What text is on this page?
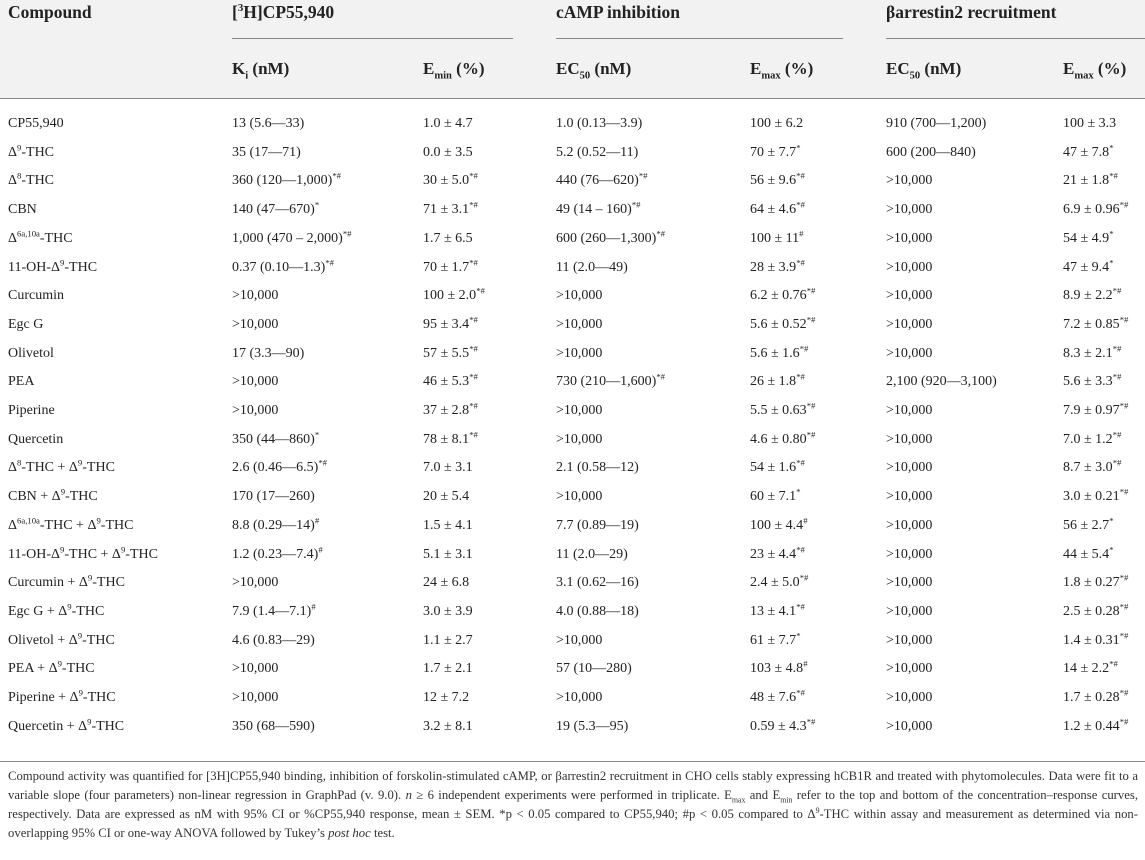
Compound	[$^3$H]CP55,940	cAMP inhibition	βarrestin2 recruitment
$K_i$ (nM)	$E_{min}$ (%)	$EC_{50}$ (nM)	$E_{max}$ (%)	$EC_{50}$ (nM)	$E_{max}$ (%)
CP55,940	13 (5.6—33)	1.0 ± 4.7	1.0 (0.13—3.9)	100 ± 6.2	910 (700—1,200)	100 ± 3.3
$\Delta^9$-THC	35 (17—71)	0.0 ± 3.5	5.2 (0.52—11)	70 ± 7.7*	600 (200—840)	47 ± 7.8*
$\Delta^8$-THC	360 (120—1,000)*#	30 ± 5.0*#	440 (76—620)*#	56 ± 9.6*#	>10,000	21 ± 1.8*#
CBN	140 (47—670)*	71 ± 3.1*#	49 (14 – 160)*#	64 ± 4.6*#	>10,000	6.9 ± 0.96*#
$\Delta^{6a,10a}$-THC	1,000 (470 – 2,000)*#	1.7 ± 6.5	600 (260—1,300)*#	100 ± 11#	>10,000	54 ± 4.9*
$11-OH-\Delta^9$-THC	0.37 (0.10—1.3)*#	70 ± 1.7*#	11 (2.0—49)	28 ± 3.9*#	>10,000	47 ± 9.4*
Curcumin	>10,000	100 ± 2.0*#	>10,000	6.2 ± 0.76*#	>10,000	8.9 ± 2.2*#
Egc G	>10,000	95 ± 3.4*#	>10,000	5.6 ± 0.52*#	>10,000	7.2 ± 0.85*#
Olivetol	17 (3.3—90)	57 ± 5.5*#	>10,000	5.6 ± 1.6*#	>10,000	8.3 ± 2.1*#
PEA	>10,000	46 ± 5.3*#	730 (210—1,600)*#	26 ± 1.8*#	2,100 (920—3,100)	5.6 ± 3.3*#
Piperine	>10,000	37 ± 2.8*#	>10,000	5.5 ± 0.63*#	>10,000	7.9 ± 0.97*#
Quercetin	350 (44—860)*	78 ± 8.1*#	>10,000	4.6 ± 0.80*#	>10,000	7.0 ± 1.2*#
$\Delta^8$-THC + $\Delta^9$-THC	2.6 (0.46—6.5)*#	7.0 ± 3.1	2.1 (0.58—12)	54 ± 1.6*#	>10,000	8.7 ± 3.0*#
CBN + $\Delta^9$-THC	170 (17—260)	20 ± 5.4	>10,000	60 ± 7.1*	>10,000	3.0 ± 0.21*#
$\Delta^{6a,10a}$-THC + $\Delta^9$-THC	8.8 (0.29—14)#	1.5 ± 4.1	7.7 (0.89—19)	100 ± 4.4#	>10,000	56 ± 2.7*
$11-OH-\Delta^9$-THC + $\Delta^9$-THC	1.2 (0.23—7.4)#	5.1 ± 3.1	11 (2.0—29)	23 ± 4.4*#	>10,000	44 ± 5.4*
Curcumin + $\Delta^9$-THC	>10,000	24 ± 6.8	3.1 (0.62—16)	2.4 ± 5.0*#	>10,000	1.8 ± 0.27*#
Egc $G + \Delta^9$-THC	7.9 (1.4—7.1)#	3.0 ± 3.9	4.0 (0.88—18)	13 ± 4.1*#	>10,000	2.5 ± 0.28*#
Olivetol + $\Delta^9$-THC	4.6 (0.83—29)	1.1 ± 2.7	>10,000	61 ± 7.7*	>10,000	1.4 ± 0.31*#
PEA + $\Delta^9$-THC	>10,000	1.7 ± 2.1	57 (10—280)	103 ± 4.8#	>10,000	14 ± 2.2*#
Piperine + $\Delta^9$-THC	>10,000	12 ± 7.2	>10,000	48 ± 7.6*#	>10,000	1.7 ± 0.28*#
Quercetin + $\Delta^9$-THC	350 (68—590)	3.2 ± 8.1	19 (5.3—95)	0.59 ± 4.3*#	>10,000	1.2 ± 0.44*#
Compound activity was quantified for [3H]CP55,940 binding, inhibition of forskolin-stimulated cAMP, or βarrestin2 recruitment in CHO cells stably expressing hCB1R and treated with phytomolecules. Data were fit to a variable slope (four parameters) non-linear regression in GraphPad (v. 9.0). n ≥ 6 independent experiments were performed in triplicate. $E_{max}$ and $E_{min}$ refer to the top and bottom of the concentration–response curves, respectively. Data are expressed as nM with 95% CI or %CP55,940 response, mean ± SEM. *p < 0.05 compared to CP55,940; #p < 0.05 compared to $\Delta^9$-THC within assay and measurement as determined via non-overlapping 95% CI or one-way ANOVA followed by Tukey’s post hoc test.
